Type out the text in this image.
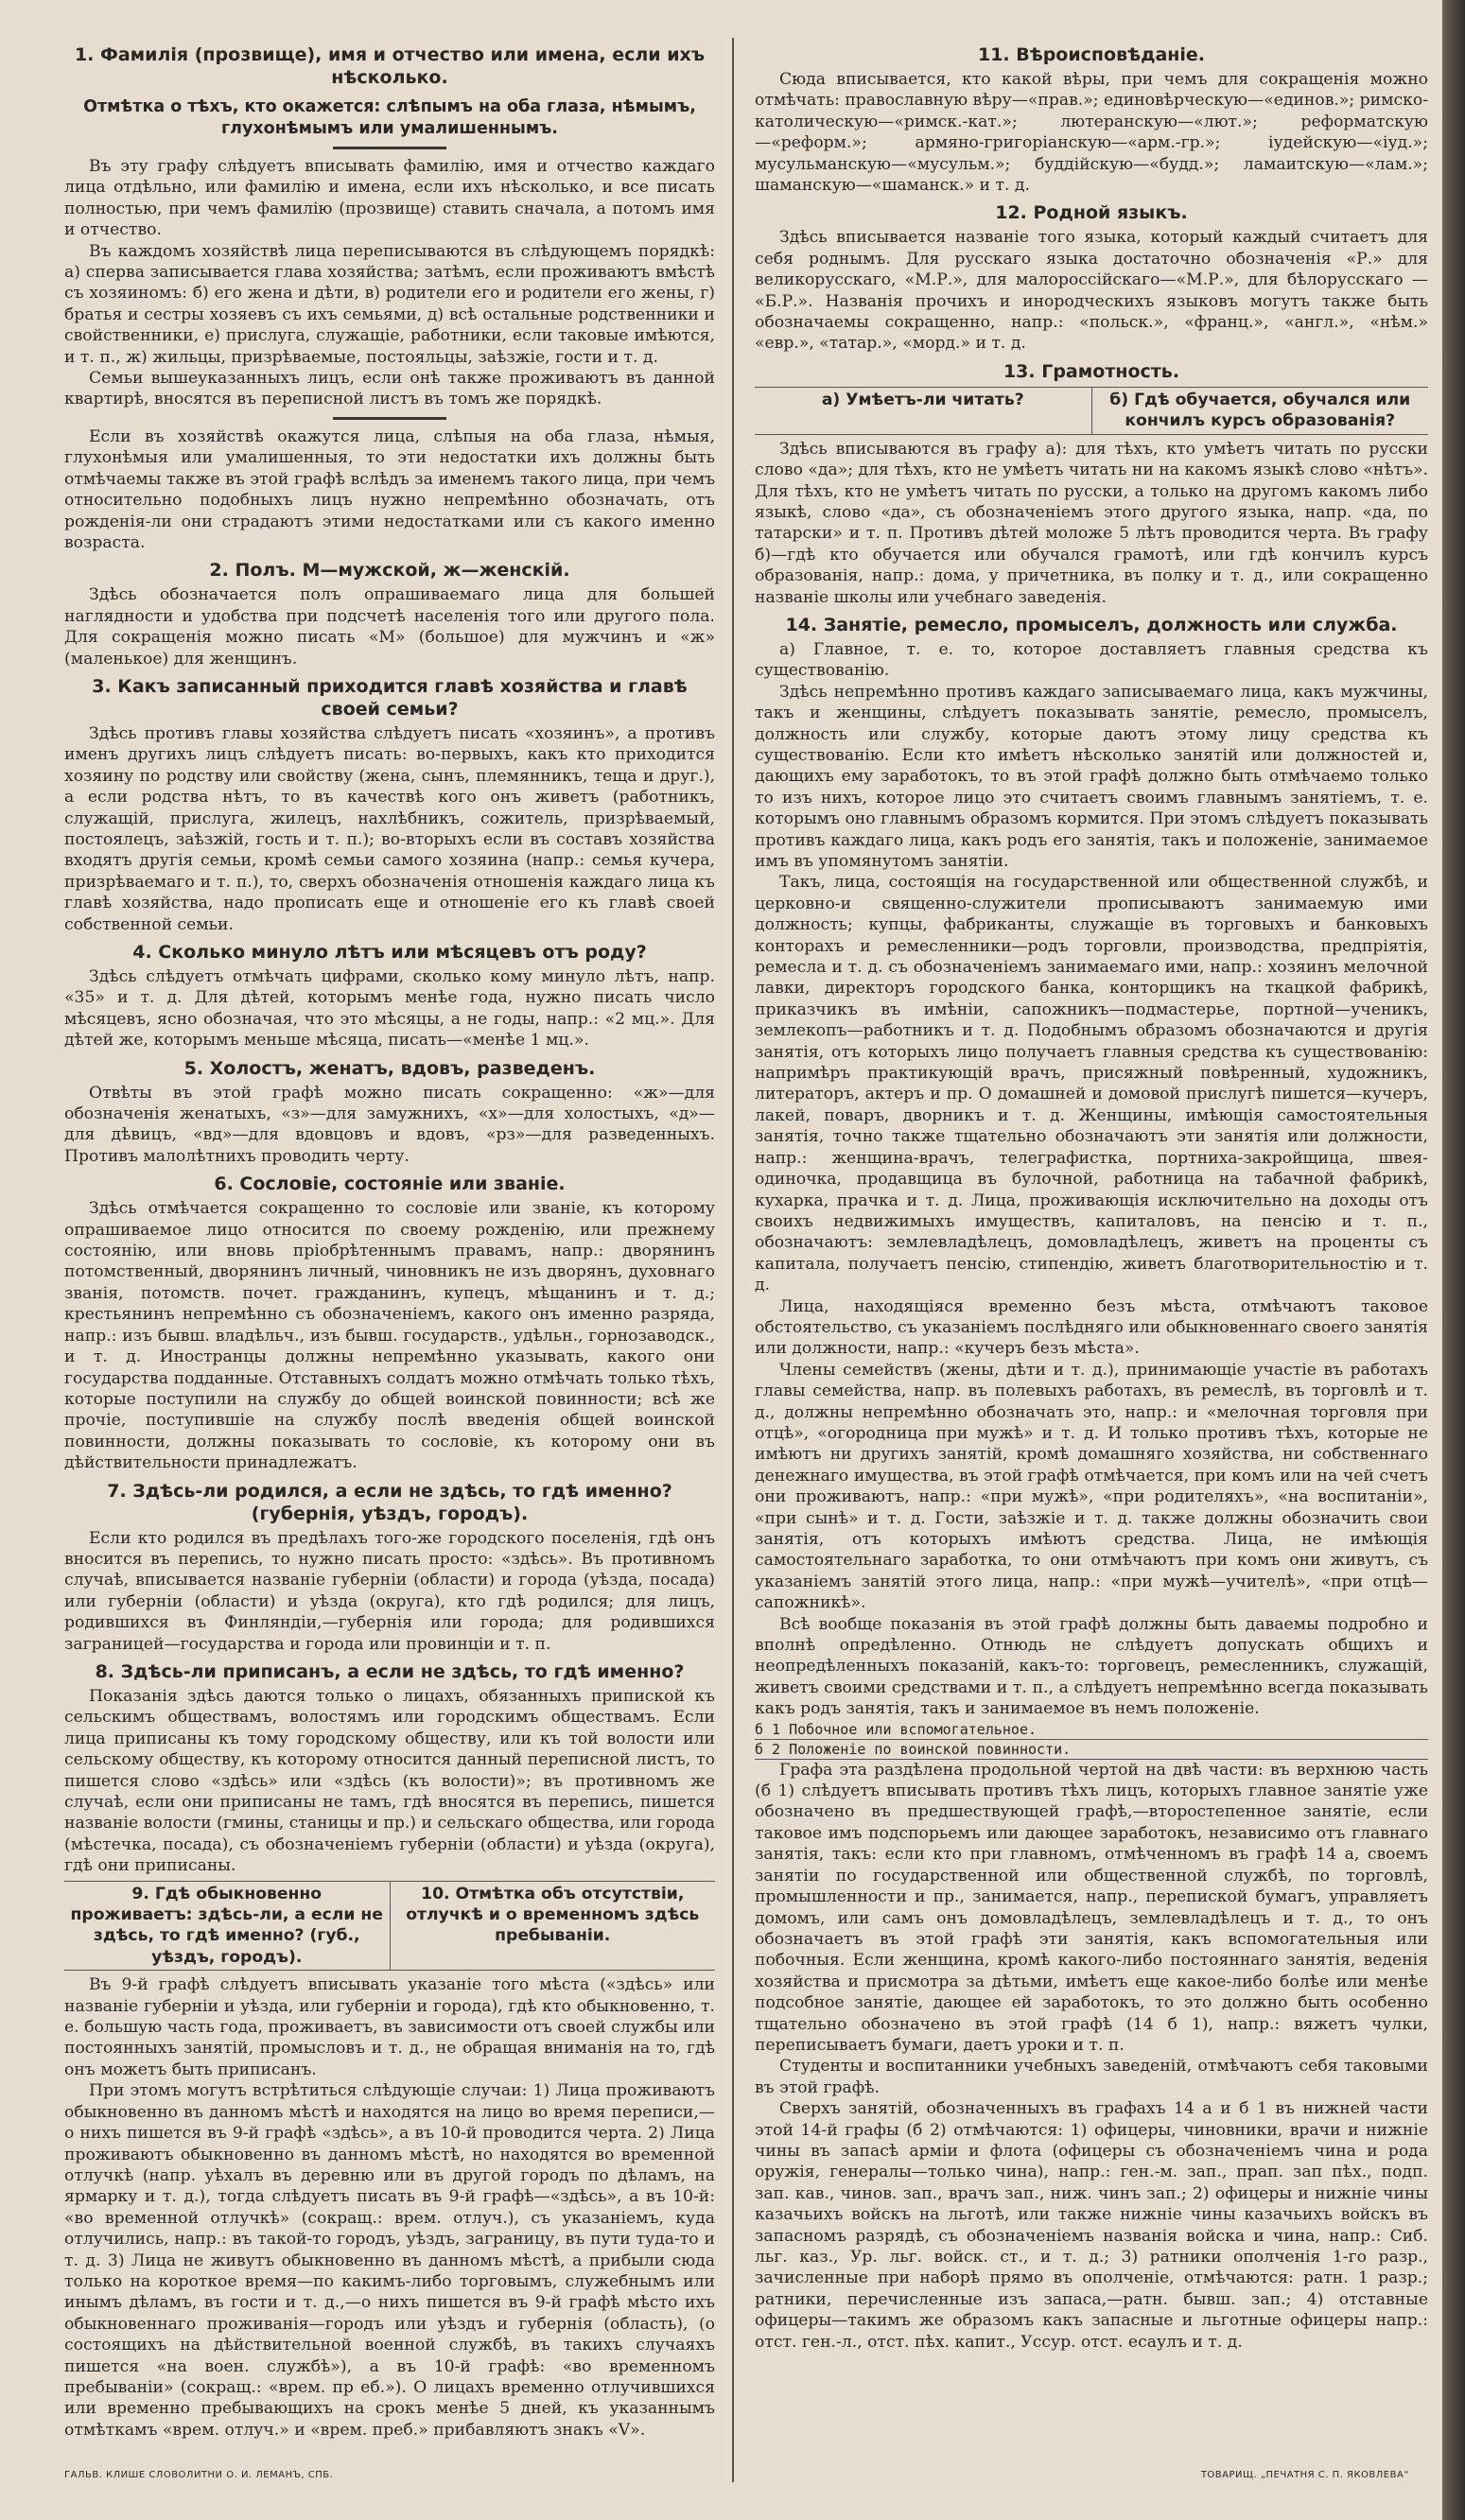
1. Фамилія (прозвище), имя и отчество или имена, если ихъ нѣсколько.
Отмѣтка о тѣхъ, кто окажется: слѣпымъ на оба глаза, нѣмымъ, глухонѣмымъ или умалишеннымъ.

Въ эту графу слѣдуетъ вписывать фамилію, имя и отчество каждаго лица отдѣльно, или фамилію и имена, если ихъ нѣсколько, и все писать полностью, при чемъ фамилію (прозвище) ставить сначала, а потомъ имя и отчество.

Въ каждомъ хозяйствѣ лица переписываются въ слѣдующемъ порядкѣ: а) сперва записывается глава хозяйства; затѣмъ, если проживаютъ вмѣстѣ съ хозяиномъ: б) его жена и дѣти, в) родители его и родители его жены, г) братья и сестры хозяевъ съ ихъ семьями, д) всѣ остальные родственники и свойственники, е) прислуга, служащіе, работники, если таковые имѣются, и т. п., ж) жильцы, призрѣваемые, постояльцы, заѣзжіе, гости и т. д.

Семьи вышеуказанныхъ лицъ, если онѣ также проживаютъ въ данной квартирѣ, вносятся въ переписной листъ въ томъ же порядкѣ.

Если въ хозяйствѣ окажутся лица, слѣпыя на оба глаза, нѣмыя, глухонѣмыя или умалишенныя, то эти недостатки ихъ должны быть отмѣчаемы также въ этой графѣ вслѣдъ за именемъ такого лица, при чемъ относительно подобныхъ лицъ нужно непремѣнно обозначать, отъ рожденія-ли они страдаютъ этими недостатками или съ какого именно возраста.

2. Полъ. М—мужской, ж—женскій.

Здѣсь обозначается полъ опрашиваемаго лица для большей наглядности и удобства при подсчетѣ населенія того или другого пола. Для сокращенія можно писать «М» (большое) для мужчинъ и «ж» (маленькое) для женщинъ.

3. Какъ записанный приходится главѣ хозяйства и главѣ своей семьи?

Здѣсь противъ главы хозяйства слѣдуетъ писать «хозяинъ», а противъ именъ другихъ лицъ слѣдуетъ писать: во-первыхъ, какъ кто приходится хозяину по родству или свойству (жена, сынъ, племянникъ, теща и друг.), а если родства нѣтъ, то въ качествѣ кого онъ живетъ (работникъ, служащій, прислуга, жилецъ, нахлѣбникъ, сожитель, призрѣваемый, постоялецъ, заѣзжій, гость и т. п.); во-вторыхъ если въ составъ хозяйства входятъ другія семьи, кромѣ семьи самого хозяина (напр.: семья кучера, призрѣваемаго и т. п.), то, сверхъ обозначенія отношенія каждаго лица къ главѣ хозяйства, надо прописать еще и отношеніе его къ главѣ своей собственной семьи.

4. Сколько минуло лѣтъ или мѣсяцевъ отъ роду?

Здѣсь слѣдуетъ отмѣчать цифрами, сколько кому минуло лѣтъ, напр. «35» и т. д. Для дѣтей, которымъ менѣе года, нужно писать число мѣсяцевъ, ясно обозначая, что это мѣсяцы, а не годы, напр.: «2 мц.». Для дѣтей же, которымъ меньше мѣсяца, писать—«менѣе 1 мц.».

5. Холостъ, женатъ, вдовъ, разведенъ.

Отвѣты въ этой графѣ можно писать сокращенно: «ж»—для обозначенія женатыхъ, «з»—для замужнихъ, «х»—для холостыхъ, «д»—для дѣвицъ, «вд»—для вдовцовъ и вдовъ, «рз»—для разведенныхъ. Противъ малолѣтнихъ проводить черту.

6. Сословіе, состояніе или званіе.

Здѣсь отмѣчается сокращенно то сословіе или званіе, къ которому опрашиваемое лицо относится по своему рожденію, или прежнему состоянію, или вновь пріобрѣтеннымъ правамъ, напр.: дворянинъ потомственный, дворянинъ личный, чиновникъ не изъ дворянъ, духовнаго званія, потомств. почет. гражданинъ, купецъ, мѣщанинъ и т. д.; крестьянинъ непремѣнно съ обозначеніемъ, какого онъ именно разряда, напр.: изъ бывш. владѣльч., изъ бывш. государств., удѣльн., горнозаводск., и т. д. Иностранцы должны непремѣнно указывать, какого они государства подданные. Отставныхъ солдатъ можно отмѣчать только тѣхъ, которые поступили на службу до общей воинской повинности; всѣ же прочіе, поступившіе на службу послѣ введенія общей воинской повинности, должны показывать то сословіе, къ которому они въ дѣйствительности принадлежатъ.

7. Здѣсь-ли родился, а если не здѣсь, то гдѣ именно? (губернія, уѣздъ, городъ).

Если кто родился въ предѣлахъ того-же городского поселенія, гдѣ онъ вносится въ перепись, то нужно писать просто: «здѣсь». Въ противномъ случаѣ, вписывается названіе губерніи (области) и города (уѣзда, посада) или губерніи (области) и уѣзда (округа), кто гдѣ родился; для лицъ, родившихся въ Финляндіи,—губернія или города; для родившихся заграницей—государства и города или провинціи и т. п.

8. Здѣсь-ли приписанъ, а если не здѣсь, то гдѣ именно?

Показанія здѣсь даются только о лицахъ, обязанныхъ припиской къ сельскимъ обществамъ, волостямъ или городскимъ обществамъ. Если лица приписаны къ тому городскому обществу, или къ той волости или сельскому обществу, къ которому относится данный переписной листъ, то пишется слово «здѣсь» или «здѣсь (къ волости)»; въ противномъ же случаѣ, если они приписаны не тамъ, гдѣ вносятся въ перепись, пишется названіе волости (гмины, станицы и пр.) и сельскаго общества, или города (мѣстечка, посада), съ обозначеніемъ губерніи (области) и уѣзда (округа), гдѣ они приписаны.

9. Гдѣ обыкновенно проживаетъ: здѣсь-ли, а если не здѣсь, то гдѣ именно? (губ., уѣздъ, городъ).
10. Отмѣтка объ отсутствіи, отлучкѣ и о временномъ здѣсь пребываніи.

Въ 9-й графѣ слѣдуетъ вписывать указаніе того мѣста («здѣсь» или названіе губерніи и уѣзда, или губерніи и города), гдѣ кто обыкновенно, т. е. большую часть года, проживаетъ, въ зависимости отъ своей службы или постоянныхъ занятій, промысловъ и т. д., не обращая вниманія на то, гдѣ онъ можетъ быть приписанъ.

При этомъ могутъ встрѣтиться слѣдующіе случаи: 1) Лица проживаютъ обыкновенно въ данномъ мѣстѣ и находятся на лицо во время переписи,—о нихъ пишется въ 9-й графѣ «здѣсь», а въ 10-й проводится черта. 2) Лица проживаютъ обыкновенно въ данномъ мѣстѣ, но находятся во временной отлучкѣ (напр. уѣхалъ въ деревню или въ другой городъ по дѣламъ, на ярмарку и т. д.), тогда слѣдуетъ писать въ 9-й графѣ—«здѣсь», а въ 10-й: «во временной отлучкѣ» (сокращ.: врем. отлуч.), съ указаніемъ, куда отлучились, напр.: въ такой-то городъ, уѣздъ, заграницу, въ пути туда-то и т. д. 3) Лица не живутъ обыкновенно въ данномъ мѣстѣ, а прибыли сюда только на короткое время—по какимъ-либо торговымъ, служебнымъ или инымъ дѣламъ, въ гости и т. д.,—о нихъ пишется въ 9-й графѣ мѣсто ихъ обыкновеннаго проживанія—городъ или уѣздъ и губернія (область), (о состоящихъ на дѣйствительной военной службѣ, въ такихъ случаяхъ пишется «на воен. службѣ»), а въ 10-й графѣ: «во временномъ пребываніи» (сокращ.: «врем. пр еб.»). О лицахъ временно отлучившихся или временно пребывающихъ на срокъ менѣе 5 дней, къ указаннымъ отмѣткамъ «врем. отлуч.» и «врем. преб.» прибавляютъ знакъ «V».

ГАЛЬВ. КЛИШЕ СЛОВОЛИТНИ О. И. ЛЕМАНЪ, СПБ.
11. Вѣроисповѣданіе.

Сюда вписывается, кто какой вѣры, при чемъ для сокращенія можно отмѣчать: православную вѣру—«прав.»; единовѣрческую—«единов.»; римско-католическую—«римск.-кат.»; лютеранскую—«лют.»; реформатскую—«реформ.»; армяно-григоріанскую—«арм.-гр.»; іудейскую—«іуд.»; мусульманскую—«мусульм.»; буддійскую—«будд.»; ламаитскую—«лам.»; шаманскую—«шаманск.» и т. д.

12. Родной языкъ.

Здѣсь вписывается названіе того языка, который каждый считаетъ для себя роднымъ. Для русскаго языка достаточно обозначенія «Р.» для великорусскаго, «М.Р.», для малороссійскаго—«М.Р.», для бѣлорусскаго — «Б.Р.». Названія прочихъ и инородческихъ языковъ могутъ также быть обозначаемы сокращенно, напр.: «польск.», «франц.», «англ.», «нѣм.» «евр.», «татар.», «морд.» и т. д.

13. Грамотность.
а) Умѣетъ-ли читать?	б) Гдѣ обучается, обучался или кончилъ курсъ образованія?

Здѣсь вписываются въ графу а): для тѣхъ, кто умѣетъ читать по русски слово «да»; для тѣхъ, кто не умѣетъ читать ни на какомъ языкѣ слово «нѣтъ». Для тѣхъ, кто не умѣетъ читать по русски, а только на другомъ какомъ либо языкѣ, слово «да», съ обозначеніемъ этого другого языка, напр. «да, по татарски» и т. п. Противъ дѣтей моложе 5 лѣтъ проводится черта. Въ графу б)—гдѣ кто обучается или обучался грамотѣ, или гдѣ кончилъ курсъ образованія, напр.: дома, у причетника, въ полку и т. д., или сокращенно названіе школы или учебнаго заведенія.

14. Занятіе, ремесло, промыселъ, должность или служба.

а) Главное, т. е. то, которое доставляетъ главныя средства къ существованію.

Здѣсь непремѣнно противъ каждаго записываемаго лица, какъ мужчины, такъ и женщины, слѣдуетъ показывать занятіе, ремесло, промыселъ, должность или службу, которые даютъ этому лицу средства къ существованію. Если кто имѣетъ нѣсколько занятій или должностей и, дающихъ ему заработокъ, то въ этой графѣ должно быть отмѣчаемо только то изъ нихъ, которое лицо это считаетъ своимъ главнымъ занятіемъ, т. е. которымъ оно главнымъ образомъ кормится. При этомъ слѣдуетъ показывать противъ каждаго лица, какъ родъ его занятія, такъ и положеніе, занимаемое имъ въ упомянутомъ занятіи.

Такъ, лица, состоящія на государственной или общественной службѣ, и церковно-и священно-служители прописываютъ занимаемую ими должность; купцы, фабриканты, служащіе въ торговыхъ и банковыхъ конторахъ и ремесленники—родъ торговли, производства, предпріятія, ремесла и т. д. съ обозначеніемъ занимаемаго ими, напр.: хозяинъ мелочной лавки, директоръ городского банка, конторщикъ на ткацкой фабрикѣ, приказчикъ въ имѣніи, сапожникъ—подмастерье, портной—ученикъ, землекопъ—работникъ и т. д. Подобнымъ образомъ обозначаются и другія занятія, отъ которыхъ лицо получаетъ главныя средства къ существованію: напримѣръ практикующій врачъ, присяжный повѣренный, художникъ, литераторъ, актеръ и пр. О домашней и домовой прислугѣ пишется—кучеръ, лакей, поваръ, дворникъ и т. д. Женщины, имѣющія самостоятельныя занятія, точно также тщательно обозначаютъ эти занятія или должности, напр.: женщина-врачъ, телеграфистка, портниха-закройщица, швея-одиночка, продавщица въ булочной, работница на табачной фабрикѣ, кухарка, прачка и т. д. Лица, проживающія исключительно на доходы отъ своихъ недвижимыхъ имуществъ, капиталовъ, на пенсію и т. п., обозначаютъ: землевладѣлецъ, домовладѣлецъ, живетъ на проценты съ капитала, получаетъ пенсію, стипендію, живетъ благотворительностію и т. д.

Лица, находящіяся временно безъ мѣста, отмѣчаютъ таковое обстоятельство, съ указаніемъ послѣдняго или обыкновеннаго своего занятія или должности, напр.: «кучеръ безъ мѣста».

Члены семействъ (жены, дѣти и т. д.), принимающіе участіе въ работахъ главы семейства, напр. въ полевыхъ работахъ, въ ремеслѣ, въ торговлѣ и т. д., должны непремѣнно обозначать это, напр.: и «мелочная торговля при отцѣ», «огородница при мужѣ» и т. д. И только противъ тѣхъ, которые не имѣютъ ни другихъ занятій, кромѣ домашняго хозяйства, ни собственнаго денежнаго имущества, въ этой графѣ отмѣчается, при комъ или на чей счетъ они проживаютъ, напр.: «при мужѣ», «при родителяхъ», «на воспитаніи», «при сынѣ» и т. д. Гости, заѣзжіе и т. д. также должны обозначить свои занятія, отъ которыхъ имѣютъ средства. Лица, не имѣющія самостоятельнаго заработка, то они отмѣчаютъ при комъ они живутъ, съ указаніемъ занятій этого лица, напр.: «при мужѣ—учителѣ», «при отцѣ—сапожникѣ».

Всѣ вообще показанія въ этой графѣ должны быть даваемы подробно и вполнѣ опредѣленно. Отнюдь не слѣдуетъ допускать общихъ и неопредѣленныхъ показаній, какъ-то: торговецъ, ремесленникъ, служащій, живетъ своими средствами и т. п., а слѣдуетъ непремѣнно всегда показывать какъ родъ занятія, такъ и занимаемое въ немъ положеніе.

б 1 Побочное или вспомогательное.
б 2 Положеніе по воинской повинности.

Графа эта раздѣлена продольной чертой на двѣ части: въ верхнюю часть (б 1) слѣдуетъ вписывать противъ тѣхъ лицъ, которыхъ главное занятіе уже обозначено въ предшествующей графѣ,—второстепенное занятіе, если таковое имъ подспорьемъ или дающее заработокъ, независимо отъ главнаго занятія, такъ: если кто при главномъ, отмѣченномъ въ графѣ 14 а, своемъ занятіи по государственной или общественной службѣ, по торговлѣ, промышленности и пр., занимается, напр., перепиской бумагъ, управляетъ домомъ, или самъ онъ домовладѣлецъ, землевладѣлецъ и т. д., то онъ обозначаетъ въ этой графѣ эти занятія, какъ вспомогательныя или побочныя. Если женщина, кромѣ какого-либо постояннаго занятія, веденія хозяйства и присмотра за дѣтьми, имѣетъ еще какое-либо болѣе или менѣе подсобное занятіе, дающее ей заработокъ, то это должно быть особенно тщательно обозначено въ этой графѣ (14 б 1), напр.: вяжетъ чулки, переписываетъ бумаги, даетъ уроки и т. п.

Студенты и воспитанники учебныхъ заведеній, отмѣчаютъ себя таковыми въ этой графѣ.

Сверхъ занятій, обозначенныхъ въ графахъ 14 а и б 1 въ нижней части этой 14-й графы (б 2) отмѣчаются: 1) офицеры, чиновники, врачи и нижніе чины въ запасѣ арміи и флота (офицеры съ обозначеніемъ чина и рода оружія, генералы—только чина), напр.: ген.-м. зап., прап. зап пѣх., подп. зап. кав., чинов. зап., врачъ зап., ниж. чинъ зап.; 2) офицеры и нижніе чины казачьихъ войскъ на льготѣ, или также нижніе чины казачьихъ войскъ въ запасномъ разрядѣ, съ обозначеніемъ названія войска и чина, напр.: Сиб. льг. каз., Ур. льг. войск. ст., и т. д.; 3) ратники ополченія 1-го разр., зачисленные при наборѣ прямо въ ополченіе, отмѣчаются: ратн. 1 разр.; ратники, перечисленные изъ запаса,—ратн. бывш. зап.; 4) отставные офицеры—такимъ же образомъ какъ запасные и льготные офицеры напр.: отст. ген.-л., отст. пѣх. капит., Уссур. отст. есаулъ и т. д.

ТОВАРИЩ. „ПЕЧАТНЯ С. П. ЯКОВЛЕВА“
